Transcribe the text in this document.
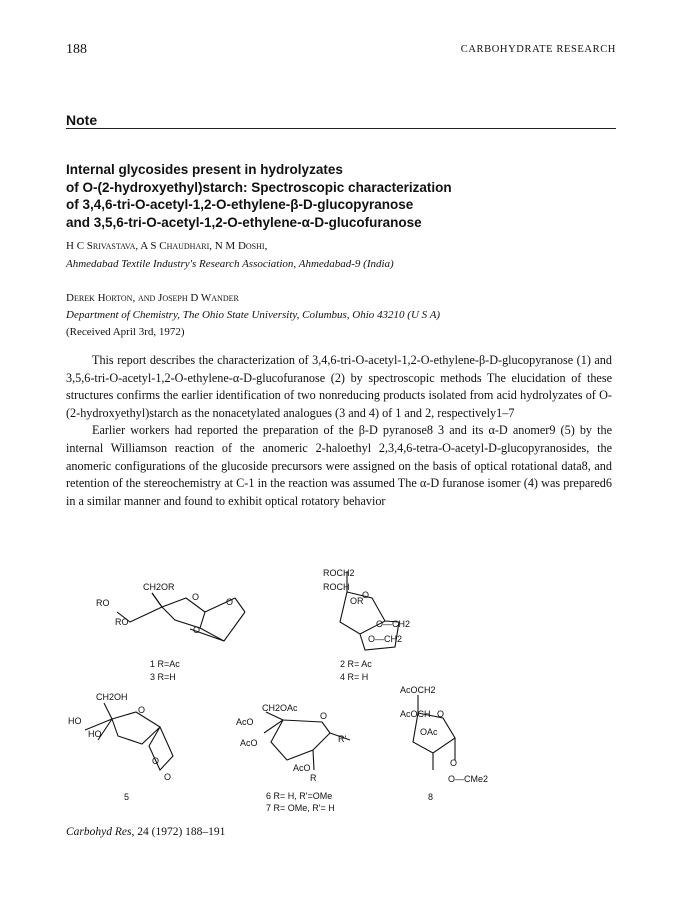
188	CARBOHYDRATE RESEARCH
Note
Internal glycosides present in hydrolyzates
of O-(2-hydroxyethyl)starch: Spectroscopic characterization
of 3,4,6-tri-O-acetyl-1,2-O-ethylene-β-D-glucopyranose
and 3,5,6-tri-O-acetyl-1,2-O-ethylene-α-D-glucofuranose
H C Srivastava, A S Chaudhari, N M Doshi,
Ahmedabad Textile Industry's Research Association, Ahmedabad-9 (India)
Derek Horton, and Joseph D Wander
Department of Chemistry, The Ohio State University, Columbus, Ohio 43210 (U S A)
(Received April 3rd, 1972)

This report describes the characterization of 3,4,6-tri-O-acetyl-1,2-O-ethylene-β-D-glucopyranose (1) and 3,5,6-tri-O-acetyl-1,2-O-ethylene-α-D-glucofuranose (2) by spectroscopic methods The elucidation of these structures confirms the earlier identification of two nonreducing products isolated from acid hydrolyzates of O-(2-hydroxyethyl)starch as the nonacetylated analogues (3 and 4) of 1 and 2, respectively1–7

Earlier workers had reported the preparation of the β-D pyranose8 3 and its α-D anomer9 (5) by the internal Williamson reaction of the anomeric 2-haloethyl 2,3,4,6-tetra-O-acetyl-D-glucopyranosides, the anomeric configurations of the glucoside precursors were assigned on the basis of optical rotational data8, and retention of the stereochemistry at C-1 in the reaction was assumed The α-D furanose isomer (4) was prepared6 in a similar manner and found to exhibit optical rotatory behavior

CH2OR
RO
RO
O	O
O
1 R=Ac
3 R=H
ROCH2
ROCH
O
OR
O—CH2
O—CH2
2 R= Ac
4 R= H
CH2OH
HO
HO
O
O
O
5
CH2OAc
AcO
AcO
AcO
O
R'
R
6 R= H, R'=OMe
7 R= OMe, R'= H
AcOCH2
AcOCH O
OAc
O
O—CMe2
8
Carbohyd Res, 24 (1972) 188–191
